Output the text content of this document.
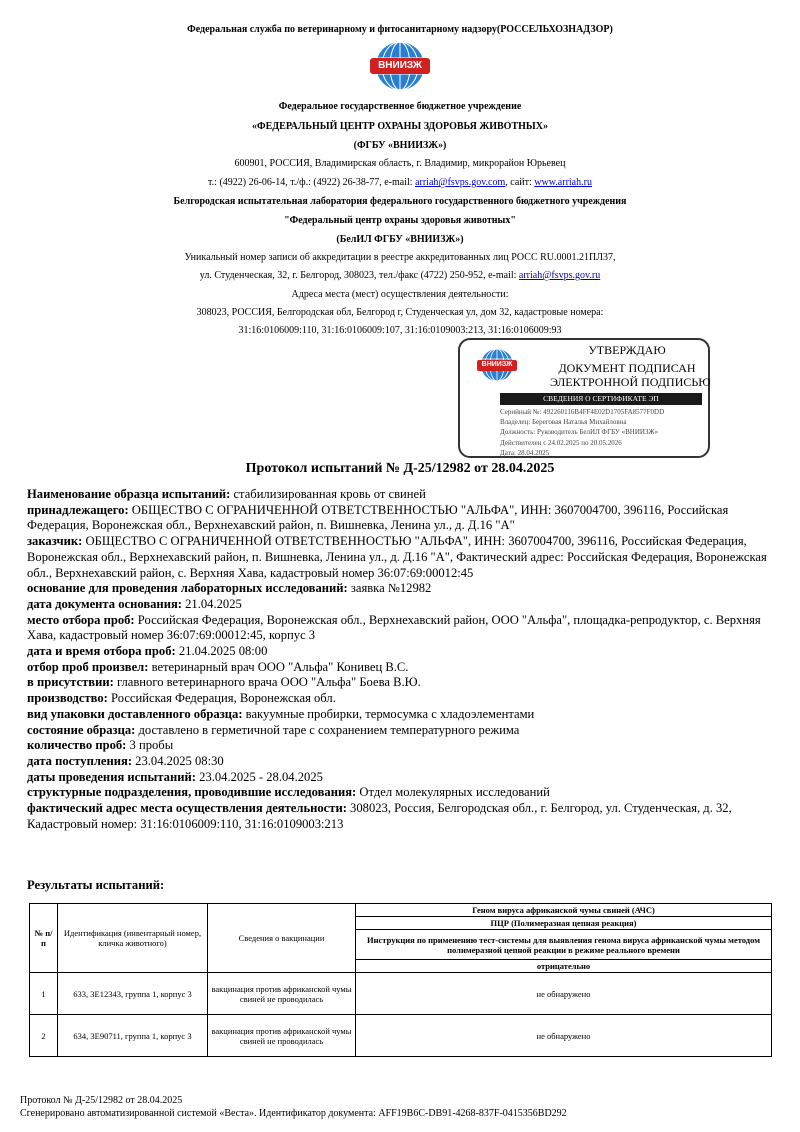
Федеральная служба по ветеринарному и фитосанитарному надзору(РОССЕЛЬХОЗНАДЗОР)
ВНИИЗЖ
Федеральное государственное бюджетное учреждение
«ФЕДЕРАЛЬНЫЙ ЦЕНТР ОХРАНЫ ЗДОРОВЬЯ ЖИВОТНЫХ»
(ФГБУ «ВНИИЗЖ»)
600901, РОССИЯ, Владимирская область, г. Владимир, микрорайон Юрьевец
т.: (4922) 26-06-14, т./ф.: (4922) 26-38-77, e-mail: arriah@fsvps.gov.com, сайт: www.arriah.ru
Белгородская испытательная лаборатория федерального государственного бюджетного учреждения
"Федеральный центр охраны здоровья животных"
(БелИЛ ФГБУ «ВНИИЗЖ»)
Уникальный номер записи об аккредитации в реестре аккредитованных лиц РОСС RU.0001.21ПЛ37,
ул. Студенческая, 32, г. Белгород, 308023, тел./факс (4722) 250-952, e-mail: arriah@fsvps.gov.ru
Адреса места (мест) осуществления деятельности:
308023, РОССИЯ, Белгородская обл, Белгород г, Студенческая ул, дом 32, кадастровые номера:
31:16:0106009:110, 31:16:0106009:107, 31:16:0109003:213, 31:16:0106009:93
ВНИИЗЖ
УТВЕРЖДАЮ
ДОКУМЕНТ ПОДПИСАН
ЭЛЕКТРОННОЙ ПОДПИСЬЮ
СВЕДЕНИЯ О СЕРТИФИКАТЕ ЭП
Серийный №: 492260116B4FF4E02D1705FA8577F0DD
Владелец: Береговая Наталья Михайловна
Должность: Руководитель БелИЛ ФГБУ «ВНИИЗЖ»
Действителен с 24.02.2025 по 20.05.2026
Дата: 28.04.2025
Протокол испытаний № Д-25/12982 от 28.04.2025

Наименование образца испытаний: стабилизированная кровь от свиней

принадлежащего: ОБЩЕСТВО С ОГРАНИЧЕННОЙ ОТВЕТСТВЕННОСТЬЮ "АЛЬФА", ИНН: 3607004700, 396116, Российская Федерация, Воронежская обл., Верхнехавский район, п. Вишневка, Ленина ул., д. Д.16 "А"

заказчик: ОБЩЕСТВО С ОГРАНИЧЕННОЙ ОТВЕТСТВЕННОСТЬЮ "АЛЬФА", ИНН: 3607004700, 396116, Российская Федерация, Воронежская обл., Верхнехавский район, п. Вишневка, Ленина ул., д. Д.16 "А", Фактический адрес: Российская Федерация, Воронежская обл., Верхнехавский район, с. Верхняя Хава, кадастровый номер 36:07:69:00012:45

основание для проведения лабораторных исследований: заявка №12982

дата документа основания: 21.04.2025

место отбора проб: Российская Федерация, Воронежская обл., Верхнехавский район, ООО "Альфа", площадка-репродуктор, с. Верхняя Хава, кадастровый номер 36:07:69:00012:45, корпус 3

дата и время отбора проб: 21.04.2025 08:00

отбор проб произвел: ветеринарный врач ООО "Альфа" Конивец В.С.

в присутствии: главного ветеринарного врача ООО "Альфа" Боева В.Ю.

производство: Российская Федерация, Воронежская обл.

вид упаковки доставленного образца: вакуумные пробирки, термосумка с хладоэлементами

состояние образца: доставлено в герметичной таре с сохранением температурного режима

количество проб: 3 пробы

дата поступления: 23.04.2025 08:30

даты проведения испытаний: 23.04.2025 - 28.04.2025

структурные подразделения, проводившие исследования: Отдел молекулярных исследований

фактический адрес места осуществления деятельности: 308023, Россия, Белгородская обл., г. Белгород, ул. Студенческая, д. 32, Кадастровый номер: 31:16:0106009:110, 31:16:0109003:213

Результаты испытаний:
№ п/п	Идентификация (инвентарный номер, кличка животного)	Сведения о вакцинации	Геном вируса африканской чумы свиней (АЧС)
			ПЦР (Полимеразная цепная реакция)
			Инструкция по применению тест-системы для выявления генома вируса африканской чумы методом полимеразной цепной реакции в режиме реального времени
			отрицательно
1	633, 3E12343, группа 1, корпус 3	вакцинация против африканской чумы свиней не проводилась	не обнаружено
2	634, 3E90711, группа 1, корпус 3	вакцинация против африканской чумы свиней не проводилась	не обнаружено
Протокол № Д-25/12982 от 28.04.2025
Сгенерировано автоматизированной системой «Веста». Идентификатор документа: AFF19B6C-DB91-4268-837F-0415356BD292
